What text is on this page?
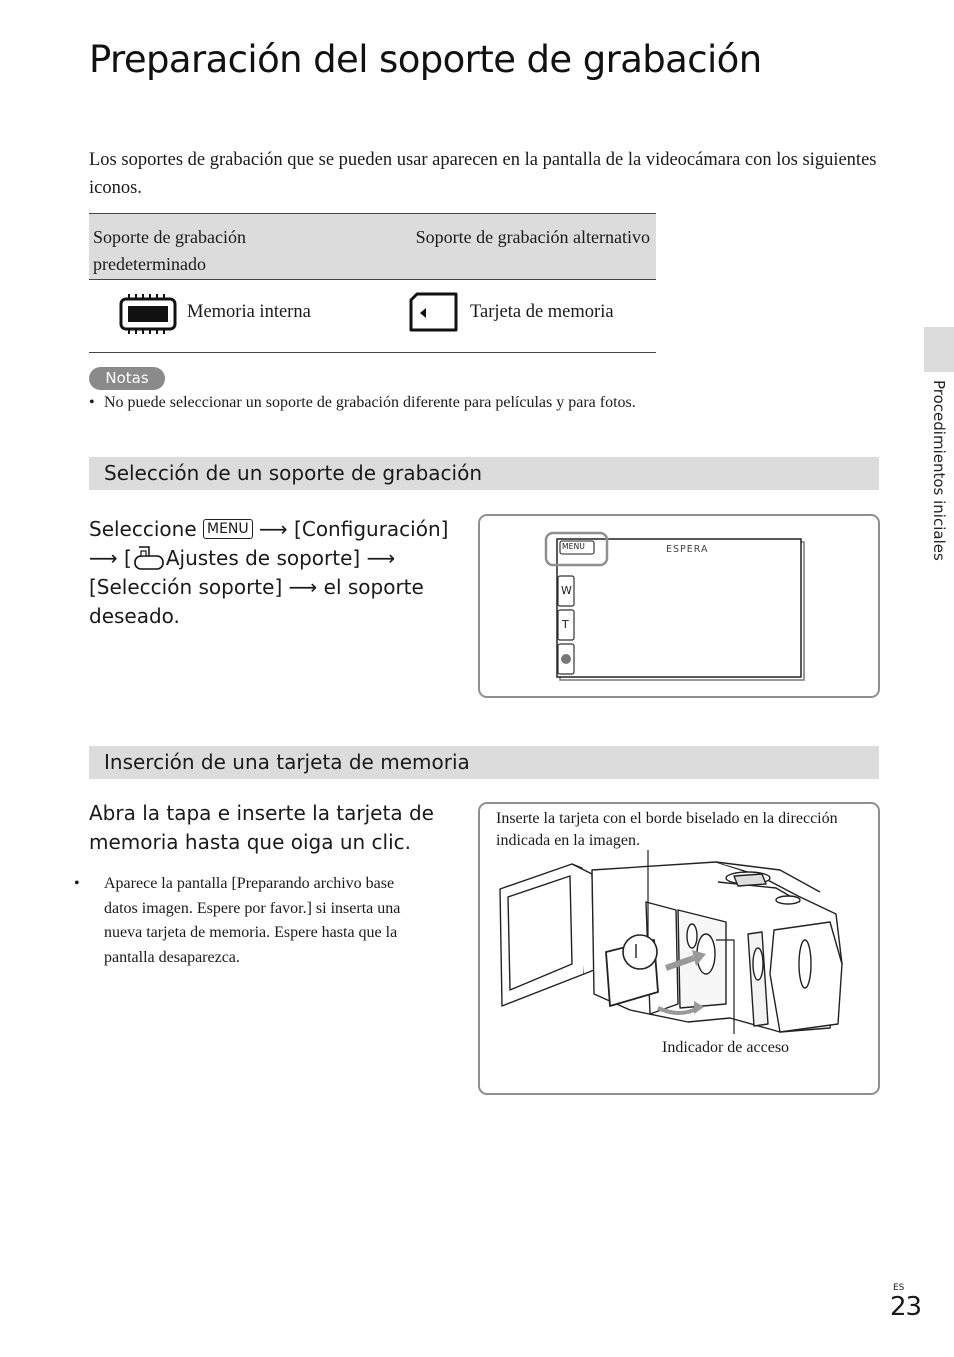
Preparación del soporte de grabación

Los soportes de grabación que se pueden usar aparecen en la pantalla de la videocámara con los siguientes iconos.

Soporte de grabación predeterminado
Soporte de grabación alternativo
Memoria interna	Tarjeta de memoria
Notas
• No puede seleccionar un soporte de grabación diferente para películas y para fotos.
Selección de un soporte de grabación
Seleccione MENU ⟶ [Configuración]
⟶ [ Ajustes de soporte] ⟶
[Selección soporte] ⟶ el soporte deseado.
MENU	ESPERA
W
T
Inserción de una tarjeta de memoria
Abra la tapa e inserte la tarjeta de memoria hasta que oiga un clic.
• Aparece la pantalla [Preparando archivo base
datos imagen. Espere por favor.] si inserta una
nueva tarjeta de memoria. Espere hasta que la
pantalla desaparezca.
Inserte la tarjeta con el borde biselado en la dirección indicada en la imagen.
Indicador de acceso
Procedimientos iniciales
ES
23
